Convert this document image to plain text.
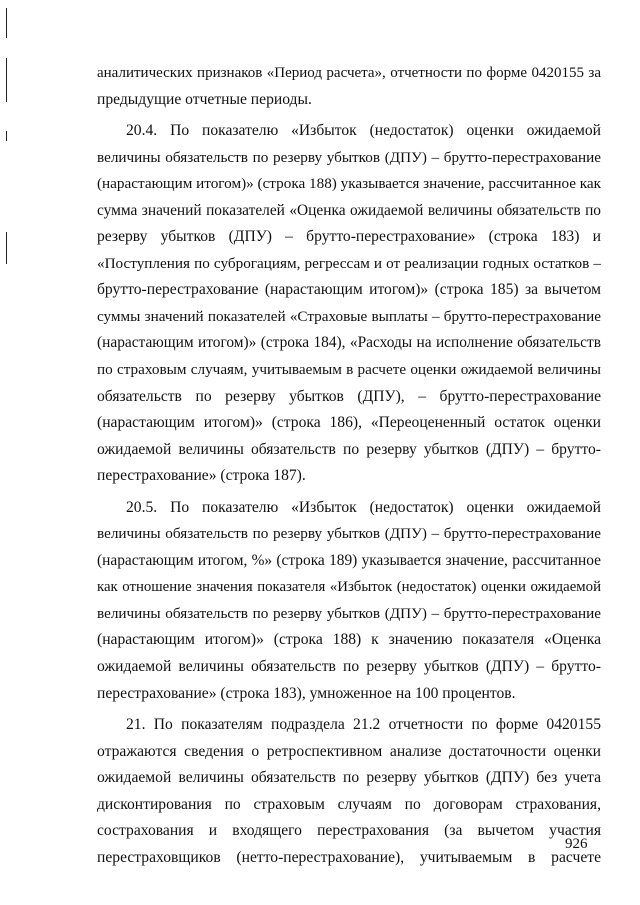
аналитических признаков «Период расчета», отчетности по форме 0420155 за
предыдущие отчетные периоды.
20.4. По показателю «Избыток (недостаток) оценки ожидаемой
величины обязательств по резерву убытков (ДПУ) – брутто-перестрахование
(нарастающим итогом)» (строка 188) указывается значение, рассчитанное как
сумма значений показателей «Оценка ожидаемой величины обязательств по
резерву убытков (ДПУ) – брутто-перестрахование» (строка 183) и
«Поступления по суброгациям, регрессам и от реализации годных остатков –
брутто-перестрахование (нарастающим итогом)» (строка 185) за вычетом
суммы значений показателей «Страховые выплаты – брутто-перестрахование
(нарастающим итогом)» (строка 184), «Расходы на исполнение обязательств
по страховым случаям, учитываемым в расчете оценки ожидаемой величины
обязательств по резерву убытков (ДПУ), – брутто-перестрахование
(нарастающим итогом)» (строка 186), «Переоцененный остаток оценки
ожидаемой величины обязательств по резерву убытков (ДПУ) – брутто-
перестрахование» (строка 187).
20.5. По показателю «Избыток (недостаток) оценки ожидаемой
величины обязательств по резерву убытков (ДПУ) – брутто-перестрахование
(нарастающим итогом, %» (строка 189) указывается значение, рассчитанное
как отношение значения показателя «Избыток (недостаток) оценки ожидаемой
величины обязательств по резерву убытков (ДПУ) – брутто-перестрахование
(нарастающим итогом)» (строка 188) к значению показателя «Оценка
ожидаемой величины обязательств по резерву убытков (ДПУ) – брутто-
перестрахование» (строка 183), умноженное на 100 процентов.
21. По показателям подраздела 21.2 отчетности по форме 0420155
отражаются сведения о ретроспективном анализе достаточности оценки
ожидаемой величины обязательств по резерву убытков (ДПУ) без учета
дисконтирования по страховым случаям по договорам страхования,
сострахования и входящего перестрахования (за вычетом участия
перестраховщиков (нетто-перестрахование), учитываемым в расчете
926
